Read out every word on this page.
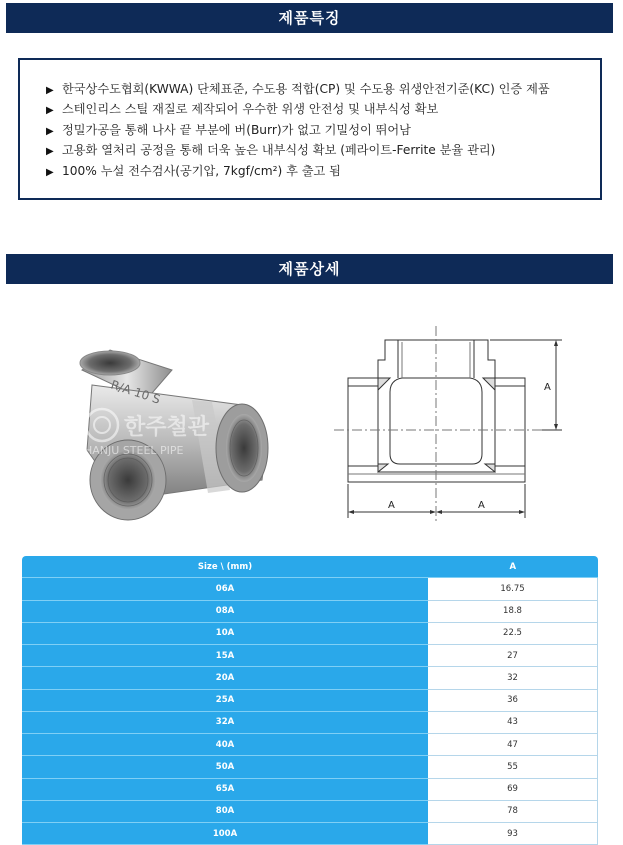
제품특징
▶ 한국상수도협회(KWWA) 단체표준, 수도용 적합(CP) 및 수도용 위생안전기준(KC) 인증 제품
▶ 스테인리스 스틸 재질로 제작되어 우수한 위생 안전성 및 내부식성 확보
▶ 정밀가공을 통해 나사 끝 부분에 버(Burr)가 없고 기밀성이 뛰어남
▶ 고용화 열처리 공정을 통해 더욱 높은 내부식성 확보 (페라이트-Ferrite 분율 관리)
▶ 100% 누설 전수검사(공기압, 7kgf/cm²) 후 출고 됨
제품상세
R/A 10 S
한주철관
HANJU STEEL PIPE
A	A
A
Size \ (mm)	A
06A	16.75
08A	18.8
10A	22.5
15A	27
20A	32
25A	36
32A	43
40A	47
50A	55
65A	69
80A	78
100A	93
